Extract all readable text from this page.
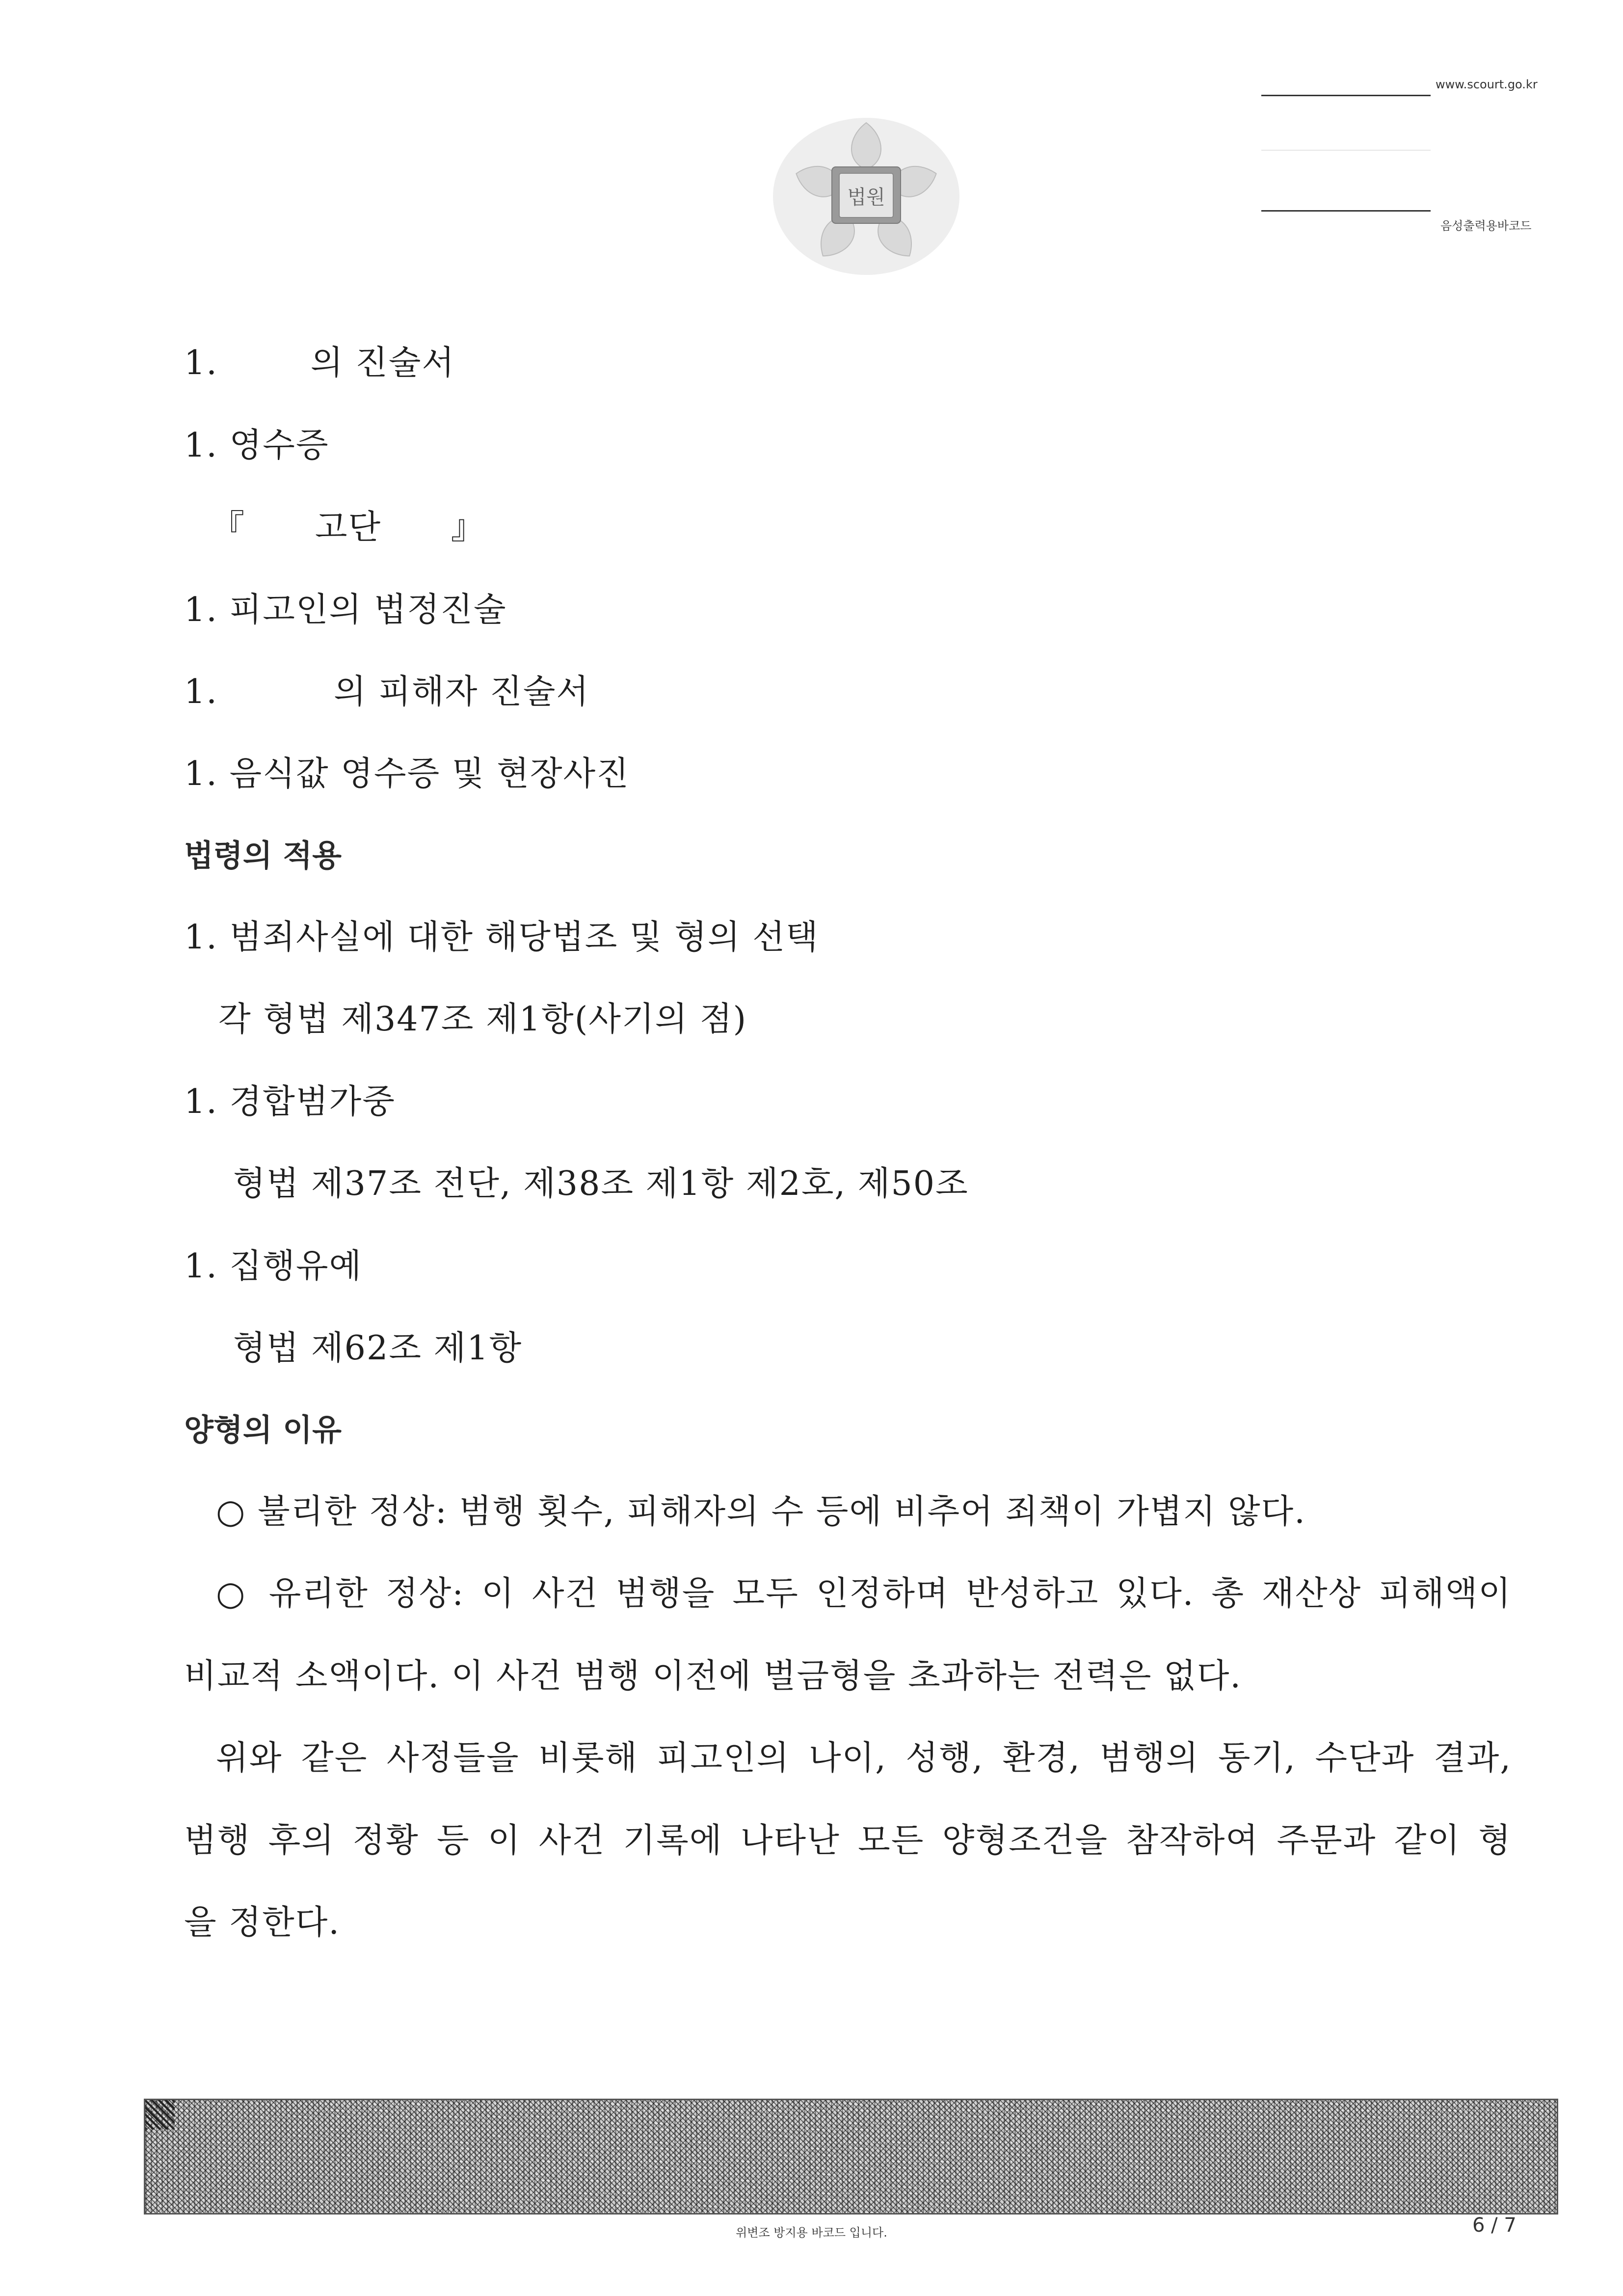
법원
www.scourt.go.kr
음성출력용바코드
1.        의 진술서
1. 영수증
『      고단      』
1. 피고인의 법정진술
1.          의 피해자 진술서
1. 음식값 영수증 및 현장사진
법령의 적용
1. 범죄사실에 대한 해당법조 및 형의 선택
각 형법 제347조 제1항(사기의 점)
1. 경합범가중
형법 제37조 전단, 제38조 제1항 제2호, 제50조
1. 집행유예
형법 제62조 제1항
양형의 이유
○ 불리한 정상: 범행 횟수, 피해자의 수 등에 비추어 죄책이 가볍지 않다.
○ 유리한 정상: 이 사건 범행을 모두 인정하며 반성하고 있다. 총 재산상 피해액이
비교적 소액이다. 이 사건 범행 이전에 벌금형을 초과하는 전력은 없다.
위와 같은 사정들을 비롯해 피고인의 나이, 성행, 환경, 범행의 동기, 수단과 결과,
범행 후의 정황 등 이 사건 기록에 나타난 모든 양형조건을 참작하여 주문과 같이 형
을 정한다.
위변조 방지용 바코드 입니다.	6 / 7
